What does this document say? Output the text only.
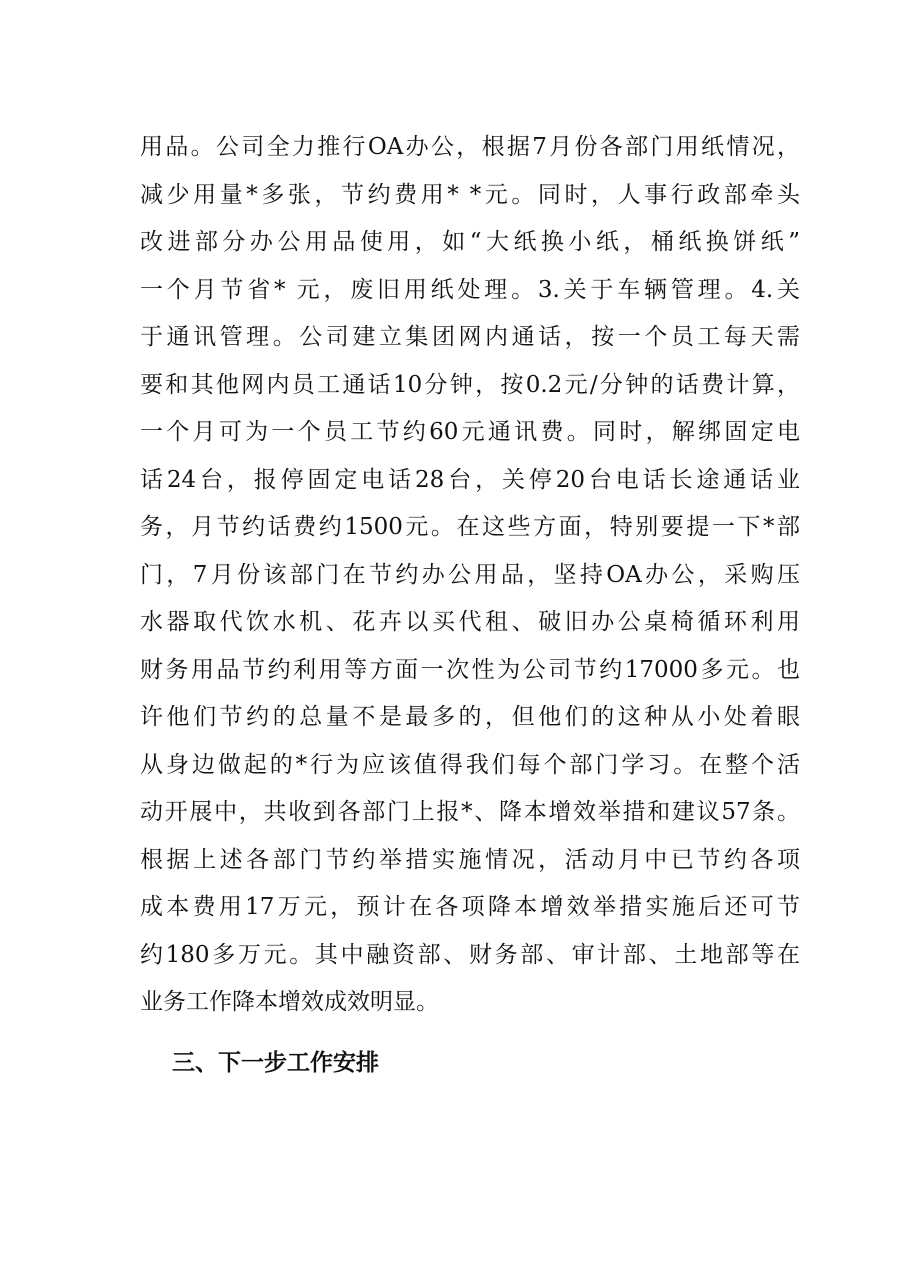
用品。公司全力推行OA办公，根据7月份各部门用纸情况，
减少用量*多张，节约费用* *元。同时，人事行政部牵头
改进部分办公用品使用，如“大纸换小纸，桶纸换饼纸”
一个月节省* 元，废旧用纸处理。3.关于车辆管理。4.关
于通讯管理。公司建立集团网内通话，按一个员工每天需
要和其他网内员工通话10分钟，按0.2元/分钟的话费计算，
一个月可为一个员工节约60元通讯费。同时，解绑固定电
话24台，报停固定电话28台，关停20台电话长途通话业
务，月节约话费约1500元。在这些方面，特别要提一下*部
门，7月份该部门在节约办公用品，坚持OA办公，采购压
水器取代饮水机、花卉以买代租、破旧办公桌椅循环利用
财务用品节约利用等方面一次性为公司节约17000多元。也
许他们节约的总量不是最多的，但他们的这种从小处着眼
从身边做起的*行为应该值得我们每个部门学习。在整个活
动开展中，共收到各部门上报*、降本增效举措和建议57条。
根据上述各部门节约举措实施情况，活动月中已节约各项
成本费用17万元，预计在各项降本增效举措实施后还可节
约180多万元。其中融资部、财务部、审计部、土地部等在
业务工作降本增效成效明显。
三、下一步工作安排
